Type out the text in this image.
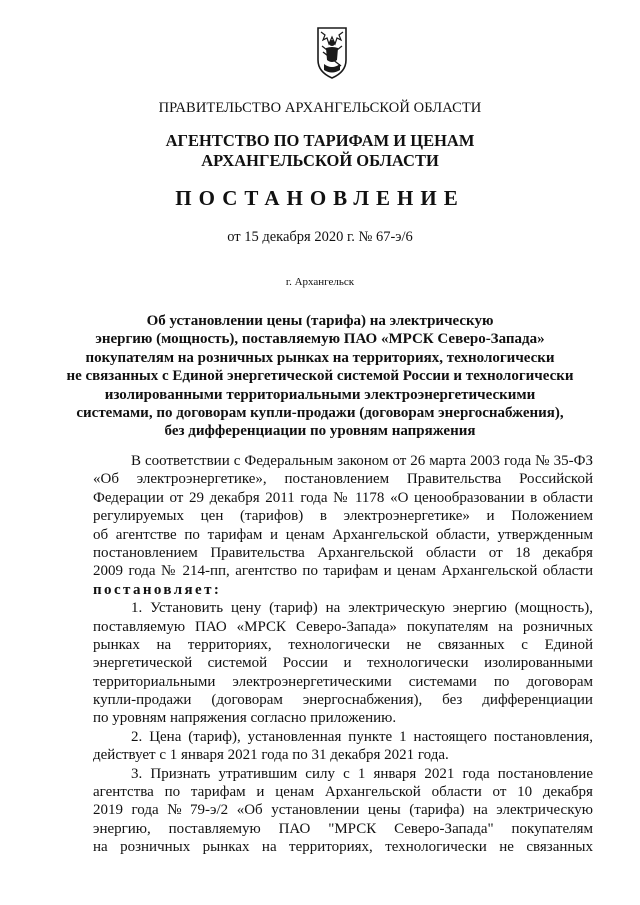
ПРАВИТЕЛЬСТВО АРХАНГЕЛЬСКОЙ ОБЛАСТИ
АГЕНТСТВО ПО ТАРИФАМ И ЦЕНАМ
АРХАНГЕЛЬСКОЙ ОБЛАСТИ
ПОСТАНОВЛЕНИЕ
от 15 декабря 2020 г. № 67-э/6
г. Архангельск
Об установлении цены (тарифа) на электрическую
энергию (мощность), поставляемую ПАО «МРСК Северо-Запада»
покупателям на розничных рынках на территориях, технологически
не связанных с Единой энергетической системой России и технологически
изолированными территориальными электроэнергетическими
системами, по договорам купли-продажи (договорам энергоснабжения),
без дифференциации по уровням напряжения
В соответствии с Федеральным законом от 26 марта 2003 года № 35-ФЗ
«Об электроэнергетике», постановлением Правительства Российской
Федерации от 29 декабря 2011 года № 1178 «О ценообразовании в области
регулируемых цен (тарифов) в электроэнергетике» и Положением
об агентстве по тарифам и ценам Архангельской области, утвержденным
постановлением Правительства Архангельской области от 18 декабря
2009 года № 214-пп, агентство по тарифам и ценам Архангельской области
постановляет:
1. Установить цену (тариф) на электрическую энергию (мощность),
поставляемую ПАО «МРСК Северо-Запада» покупателям на розничных
рынках на территориях, технологически не связанных с Единой
энергетической системой России и технологически изолированными
территориальными электроэнергетическими системами по договорам
купли-продажи (договорам энергоснабжения), без дифференциации
по уровням напряжения согласно приложению.
2. Цена (тариф), установленная пункте 1 настоящего постановления,
действует с 1 января 2021 года по 31 декабря 2021 года.
3. Признать утратившим силу с 1 января 2021 года постановление
агентства по тарифам и ценам Архангельской области от 10 декабря
2019 года № 79-э/2 «Об установлении цены (тарифа) на электрическую
энергию, поставляемую ПАО "МРСК Северо-Запада" покупателям
на розничных рынках на территориях, технологически не связанных
